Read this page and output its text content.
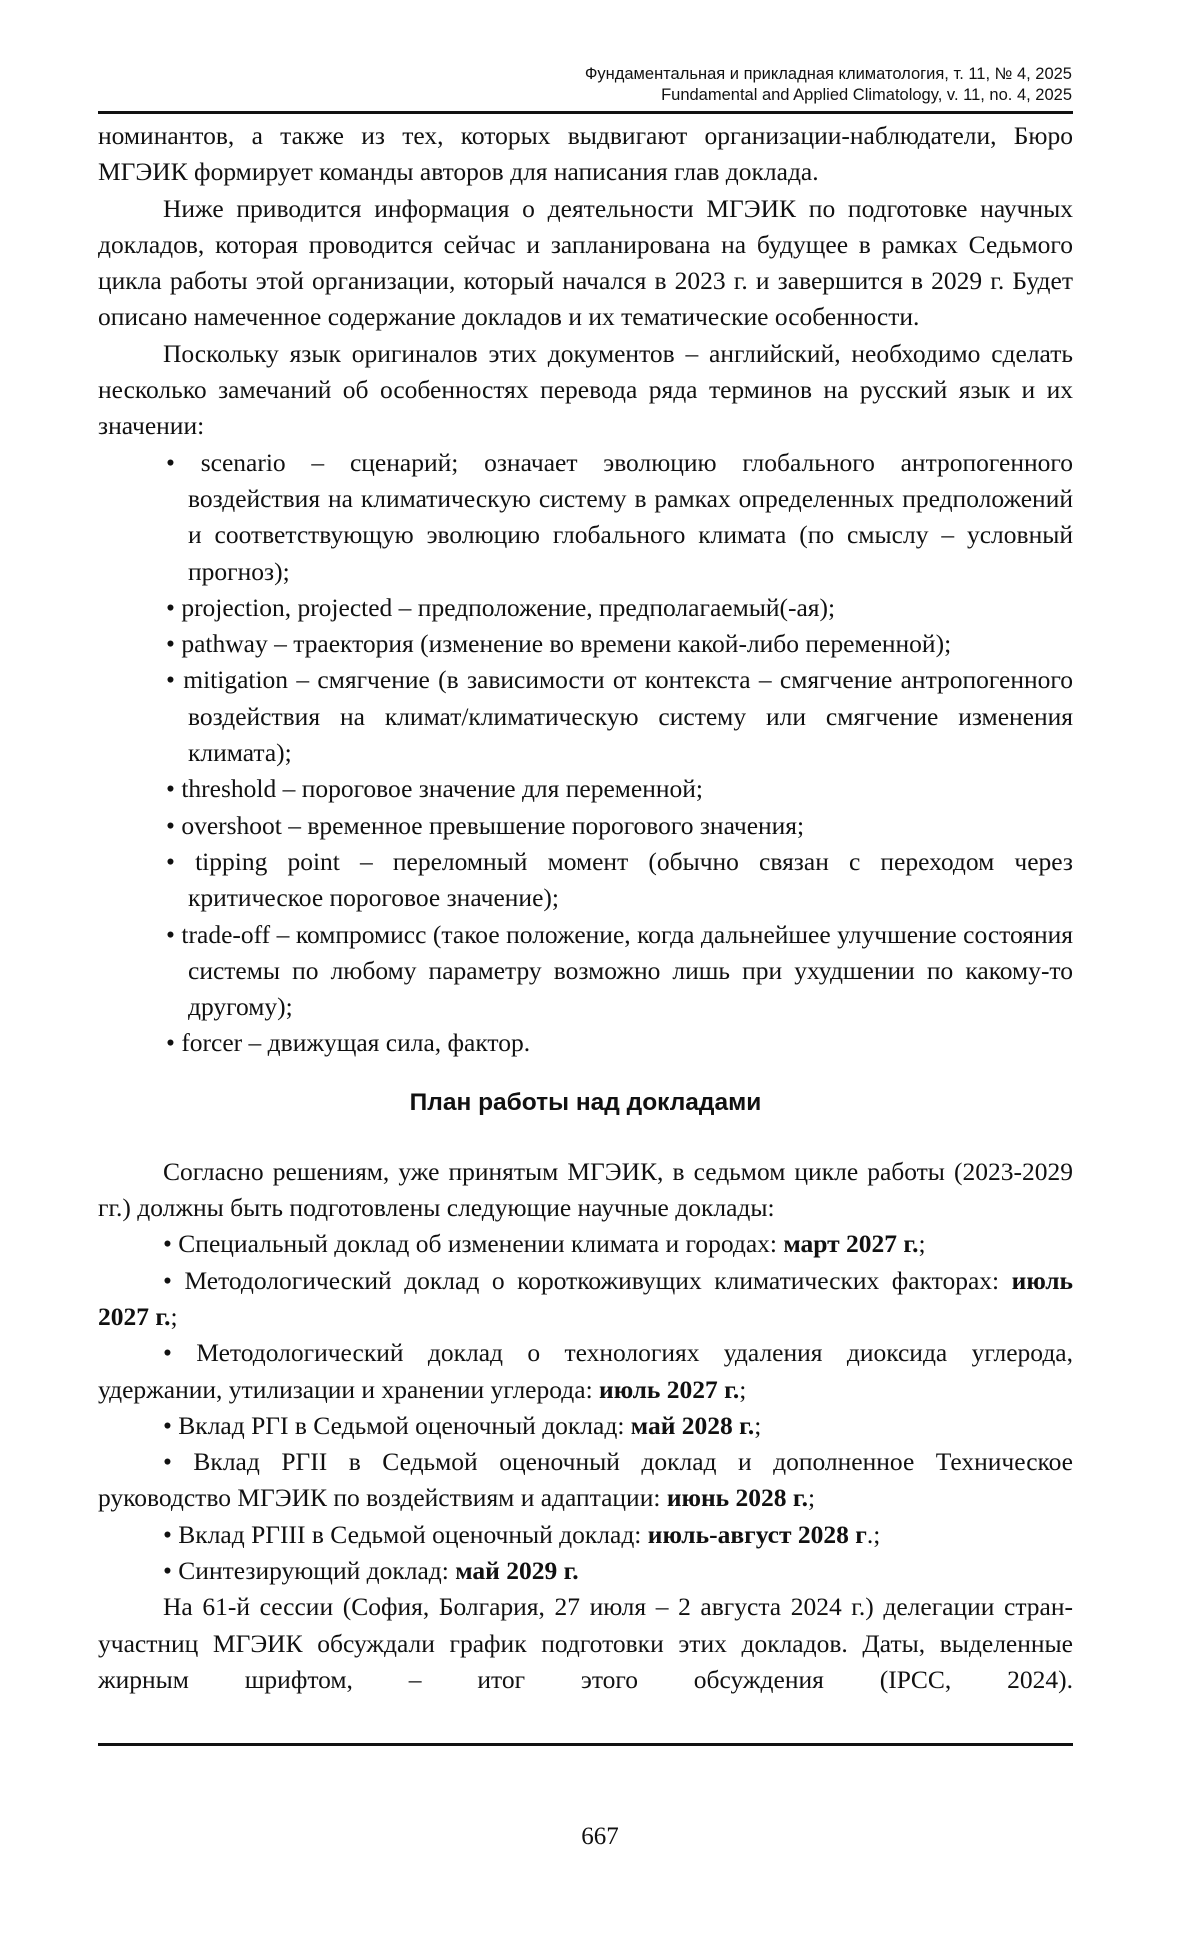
Фундаментальная и прикладная климатология, т. 11, № 4, 2025
Fundamental and Applied Climatology, v. 11, no. 4, 2025

номинантов, а также из тех, которых выдвигают организации-наблюдатели, Бюро МГЭИК формирует команды авторов для написания глав доклада.

Ниже приводится информация о деятельности МГЭИК по подготовке научных докладов, которая проводится сейчас и запланирована на будущее в рамках Седьмого цикла работы этой организации, который начался в 2023 г. и завершится в 2029 г. Будет описано намеченное содержание докладов и их тематические особенности.

Поскольку язык оригиналов этих документов – английский, необходимо сделать несколько замечаний об особенностях перевода ряда терминов на русский язык и их значении:

• scenario – сценарий; означает эволюцию глобального антропогенного воздействия на климатическую систему в рамках определенных предположений и соответствующую эволюцию глобального климата (по смыслу – условный прогноз);
• projection, projected – предположение, предполагаемый(-ая);
• pathway – траектория (изменение во времени какой-либо переменной);
• mitigation – смягчение (в зависимости от контекста – смягчение антропогенного воздействия на климат/климатическую систему или смягчение изменения климата);
• threshold – пороговое значение для переменной;
• overshoot – временное превышение порогового значения;
• tipping point – переломный момент (обычно связан с переходом через критическое пороговое значение);
• trade-off – компромисс (такое положение, когда дальнейшее улучшение состояния системы по любому параметру возможно лишь при ухудшении по какому-то другому);
• forcer – движущая сила, фактор.
План работы над докладами

Согласно решениям, уже принятым МГЭИК, в седьмом цикле работы (2023-2029 гг.) должны быть подготовлены следующие научные доклады:

• Специальный доклад об изменении климата и городах: март 2027 г.;

• Методологический доклад о короткоживущих климатических факторах: июль 2027 г.;

• Методологический доклад о технологиях удаления диоксида углерода, удержании, утилизации и хранении углерода: июль 2027 г.;

• Вклад РГI в Седьмой оценочный доклад: май 2028 г.;

• Вклад РГII в Седьмой оценочный доклад и дополненное Техническое руководство МГЭИК по воздействиям и адаптации: июнь 2028 г.;

• Вклад РГIII в Седьмой оценочный доклад: июль-август 2028 г.;

• Синтезирующий доклад: май 2029 г.

На 61-й сессии (София, Болгария, 27 июля – 2 августа 2024 г.) делегации стран-участниц МГЭИК обсуждали график подготовки этих докладов. Даты, выделенные жирным шрифтом, – итог этого обсуждения (IPCC, 2024).

667
